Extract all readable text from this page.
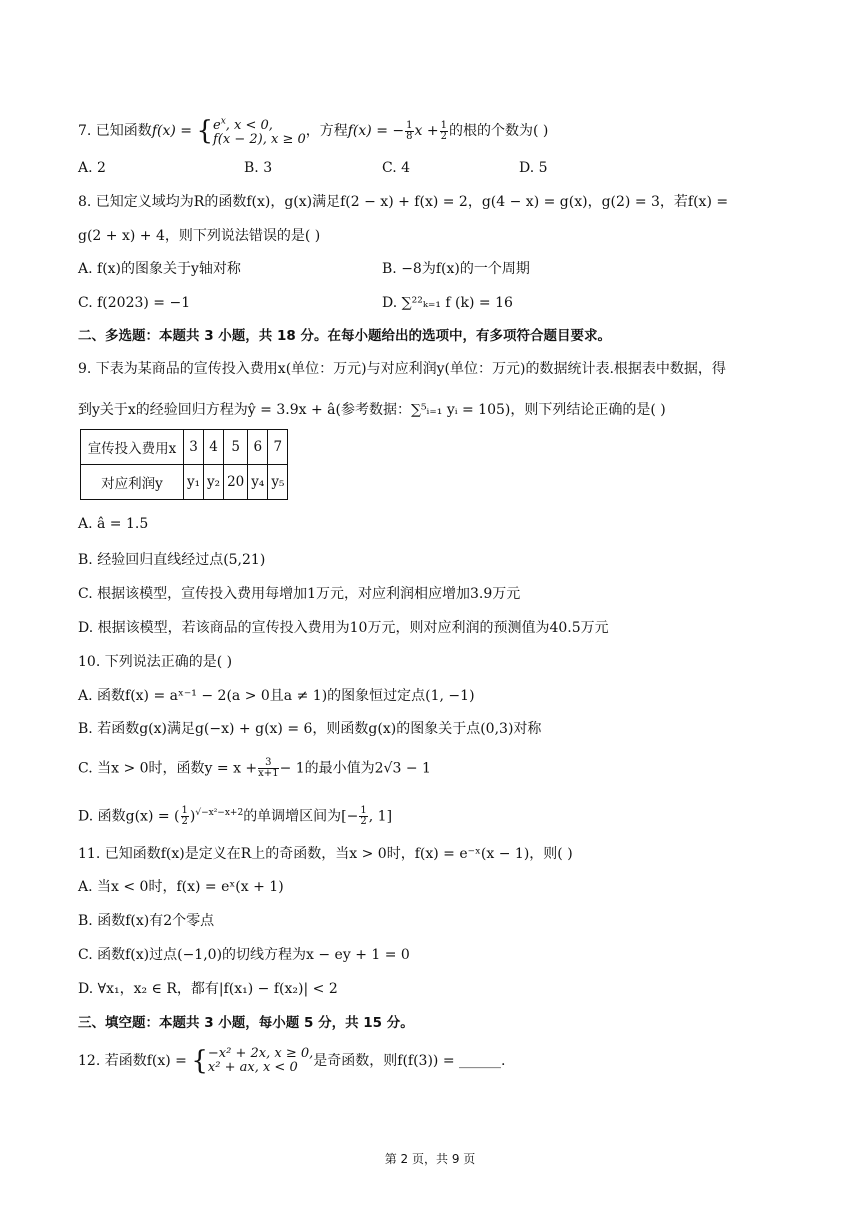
7. 已知函数$f(x) = \{e^x$, x < 0,
f(x − 2), x ≥ 0，方程f(x) = − $\frac{1}{8}$ $x + \frac{1}{2}$ 的根的个数为( )
A. 2	B. 3	C. 4	D. 5
8. 已知定义域均为R的函数f(x)，g(x)满足f(2 − x) + f(x) = 2，g(4 − x) = g(x)，g(2) = 3，若f(x) =
g(2 + x) + 4，则下列说法错误的是( )
A. f(x)的图象关于y轴对称	B. −8为f(x)的一个周期
C. f(2023) = −1	D. ∑²²ₖ₌₁ f (k) = 16
二、多选题：本题共 3 小题，共 18 分。在每小题给出的选项中，有多项符合题目要求。
9. 下表为某商品的宣传投入费用x(单位：万元)与对应利润y(单位：万元)的数据统计表.根据表中数据，得
到y关于x的经验回归方程为ŷ = 3.9x + â(参考数据：∑⁵ᵢ₌₁ yᵢ = 105)，则下列结论正确的是( )
宣传投入费用x	3	4	5	6	7
对应利润y	y₁	y₂	20	y₄	y₅
A. â = 1.5
B. 经验回归直线经过点(5,21)
C. 根据该模型，宣传投入费用每增加1万元，对应利润相应增加3.9万元
D. 根据该模型，若该商品的宣传投入费用为10万元，则对应利润的预测值为40.5万元
10. 下列说法正确的是( )
A. 函数f(x) = aˣ⁻¹ − 2(a > 0且a ≠ 1)的图象恒过定点(1, −1)
B. 若函数g(x)满足g(−x) + g(x) = 6，则函数g(x)的图象关于点(0,3)对称
C. 当x > 0时，函数$y = x + \frac{3}{x+1} - 1$的最小值为2√3 − 1
D. 函数g(x) = ( $\frac{1}{2} )^{√-x^2-x+2}$的单调增区间为[− $\frac{1}{2}$ , 1]
11. 已知函数f(x)是定义在R上的奇函数，当x > 0时，f(x) = e⁻ˣ(x − 1)，则( )
A. 当x < 0时，f(x) = eˣ(x + 1)
B. 函数f(x)有2个零点
C. 函数f(x)过点(−1,0)的切线方程为x − ey + 1 = 0
D. ∀x₁，x₂ ∈ R，都有|f(x₁) − f(x₂)| < 2
三、填空题：本题共 3 小题，每小题 5 分，共 15 分。
12. 若函数f(x) = {−x² + 2x, x ≥ 0,
x² + ax, x < 0 是奇函数，则f(f(3)) = ______.
第 2 页，共 9 页
